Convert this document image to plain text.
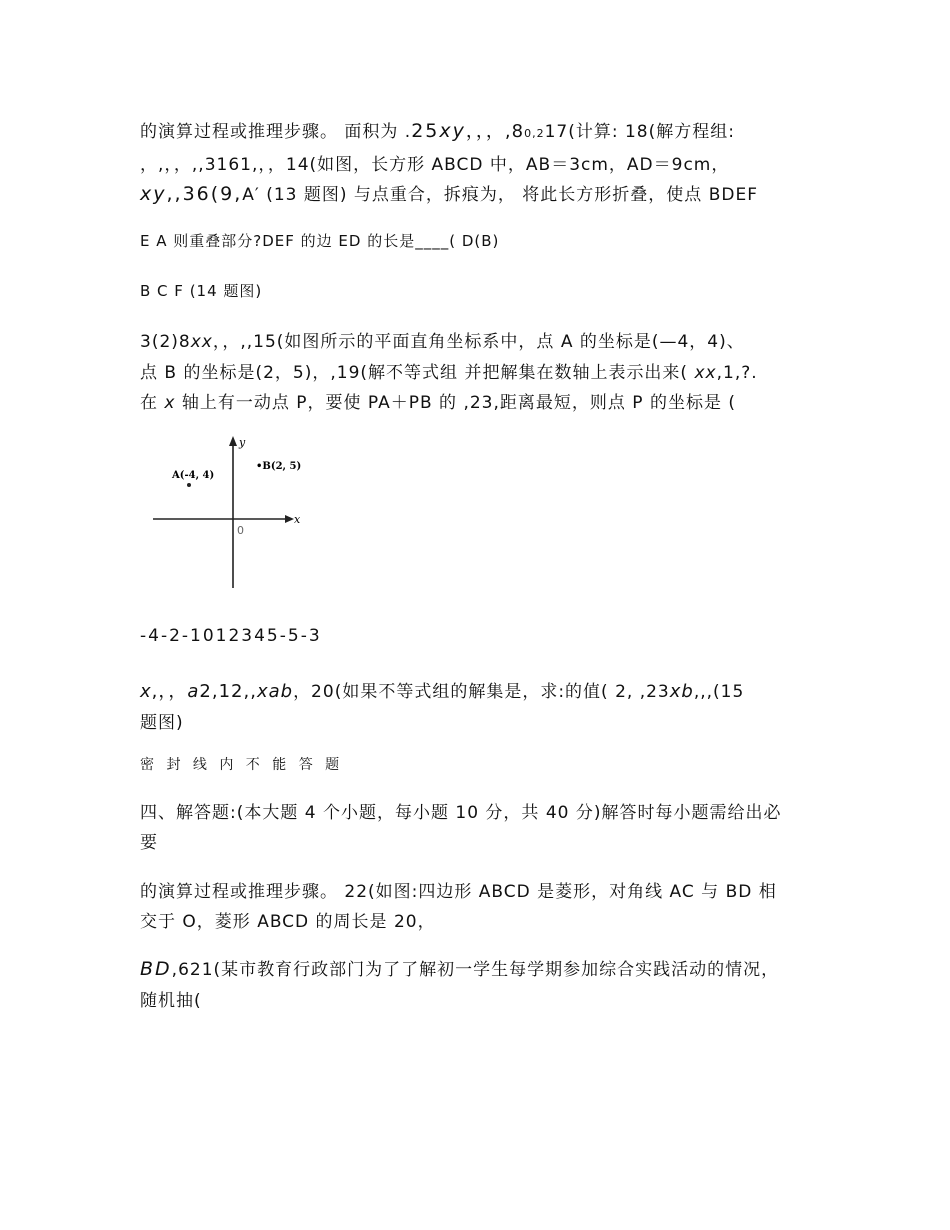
的演算过程或推理步骤。 面积为 .25xy，，，,80,217(计算: 18(解方程组:
，,，，,,3161,，，14(如图，长方形 ABCD 中，AB＝3cm，AD＝9cm，
xy,,36(9,A′ (13 题图) 与点重合，拆痕为， 将此长方形折叠，使点 BDEF
E A 则重叠部分?DEF 的边 ED 的长是____( D(B)
B C F (14 题图)
3(2)8xx，，,,15(如图所示的平面直角坐标系中，点 A 的坐标是(—4，4)、
点 B 的坐标是(2，5)，,19(解不等式组 并把解集在数轴上表示出来( xx,1,?.
在 x 轴上有一动点 P，要使 PA＋PB 的 ,23,距离最短，则点 P 的坐标是 (
y
x
0
•B(2, 5)
A(-4, 4)
-4-2-1012345-5-3
x,，，a2,12,,xab，20(如果不等式组的解集是，求:的值( 2, ,23xb,,,(15
题图)
密 封 线 内 不 能 答 题
四、解答题:(本大题 4 个小题，每小题 10 分，共 40 分)解答时每小题需给出必
要
的演算过程或推理步骤。 22(如图:四边形 ABCD 是菱形，对角线 AC 与 BD 相
交于 O，菱形 ABCD 的周长是 20，
BD,621(某市教育行政部门为了了解初一学生每学期参加综合实践活动的情况，
随机抽(
